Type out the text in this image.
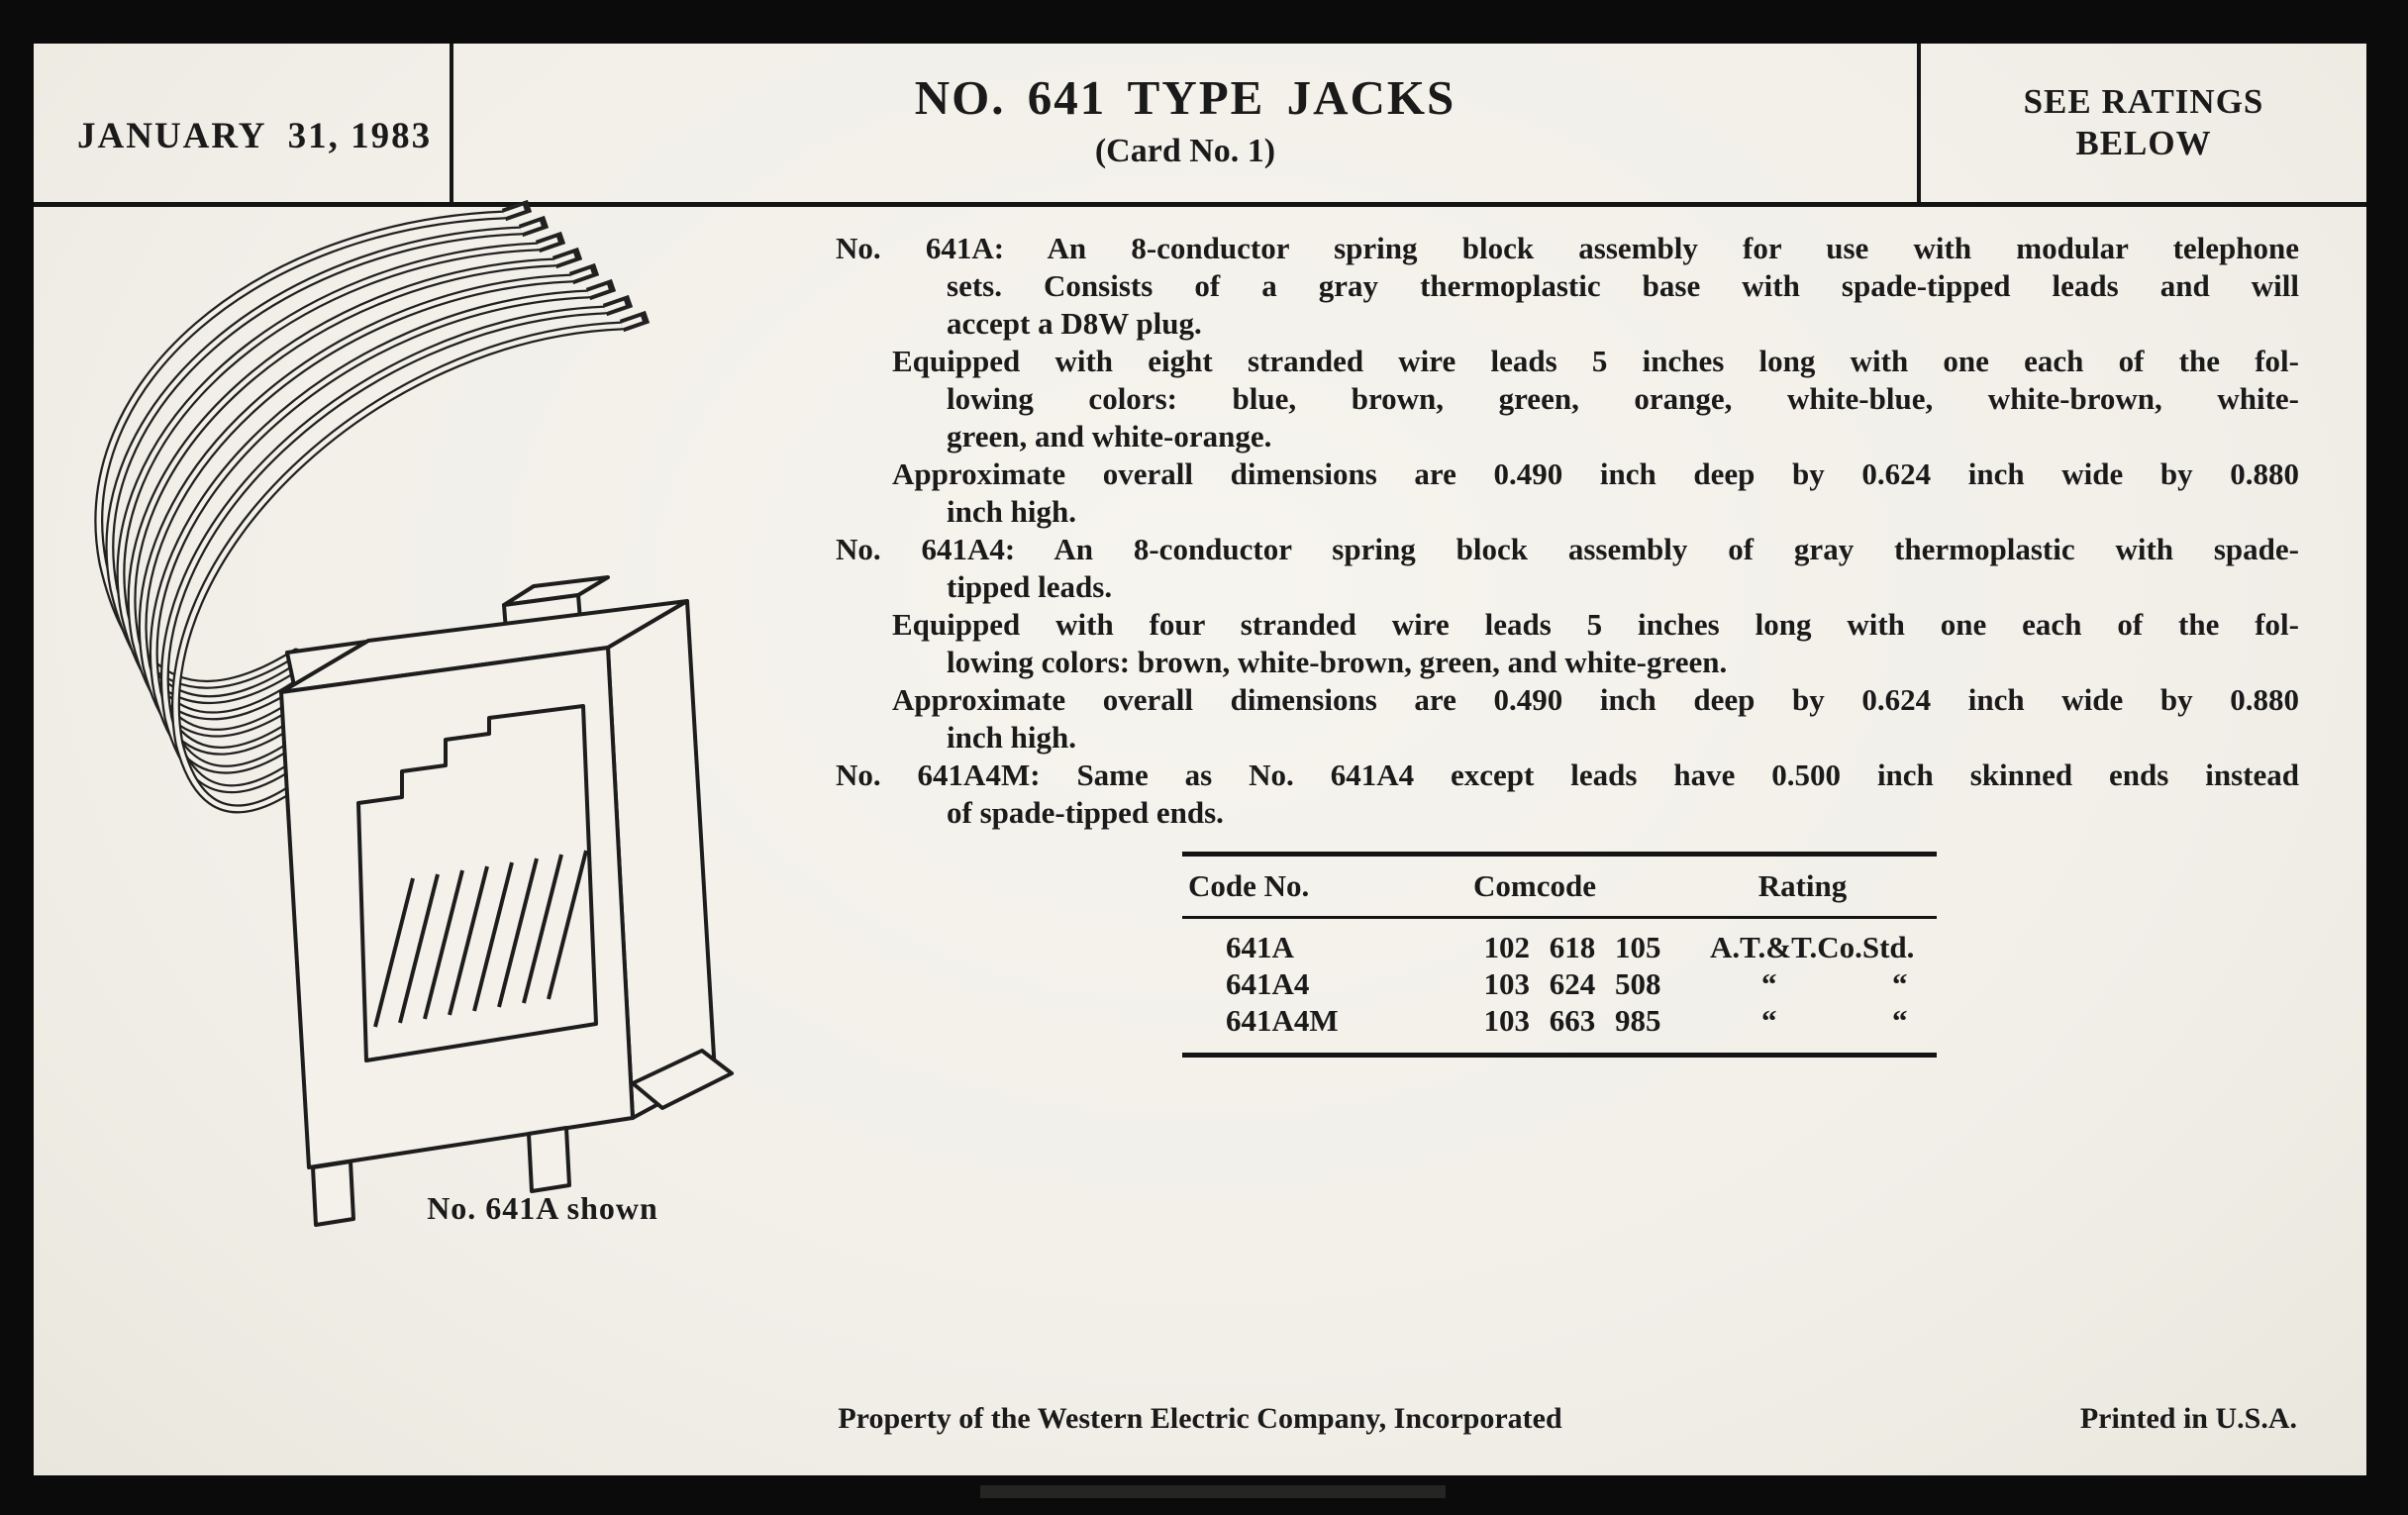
JANUARY  31, 1983
NO. 641 TYPE JACKS
(Card No. 1)
SEE RATINGS
BELOW
No. 641A shown
No. 641A: An 8-conductor spring block assembly for use with modular telephone
sets. Consists of a gray thermoplastic base with spade-tipped leads and will
accept a D8W plug.
Equipped with eight stranded wire leads 5 inches long with one each of the fol-
lowing colors: blue, brown, green, orange, white-blue, white-brown, white-
green, and white-orange.
Approximate overall dimensions are 0.490 inch deep by 0.624 inch wide by 0.880
inch high.
No. 641A4: An 8-conductor spring block assembly of gray thermoplastic with spade-
tipped leads.
Equipped with four stranded wire leads 5 inches long with one each of the fol-
lowing colors: brown, white-brown, green, and white-green.
Approximate overall dimensions are 0.490 inch deep by 0.624 inch wide by 0.880
inch high.
No. 641A4M: Same as No. 641A4 except leads have 0.500 inch skinned ends instead
of spade-tipped ends.
Code No.	Comcode	Rating
641A	102 618 105	A.T.&T.Co.Std.
641A4	103 624 508	“	“
641A4M	103 663 985	“	“
Property of the Western Electric Company, Incorporated	Printed in U.S.A.
